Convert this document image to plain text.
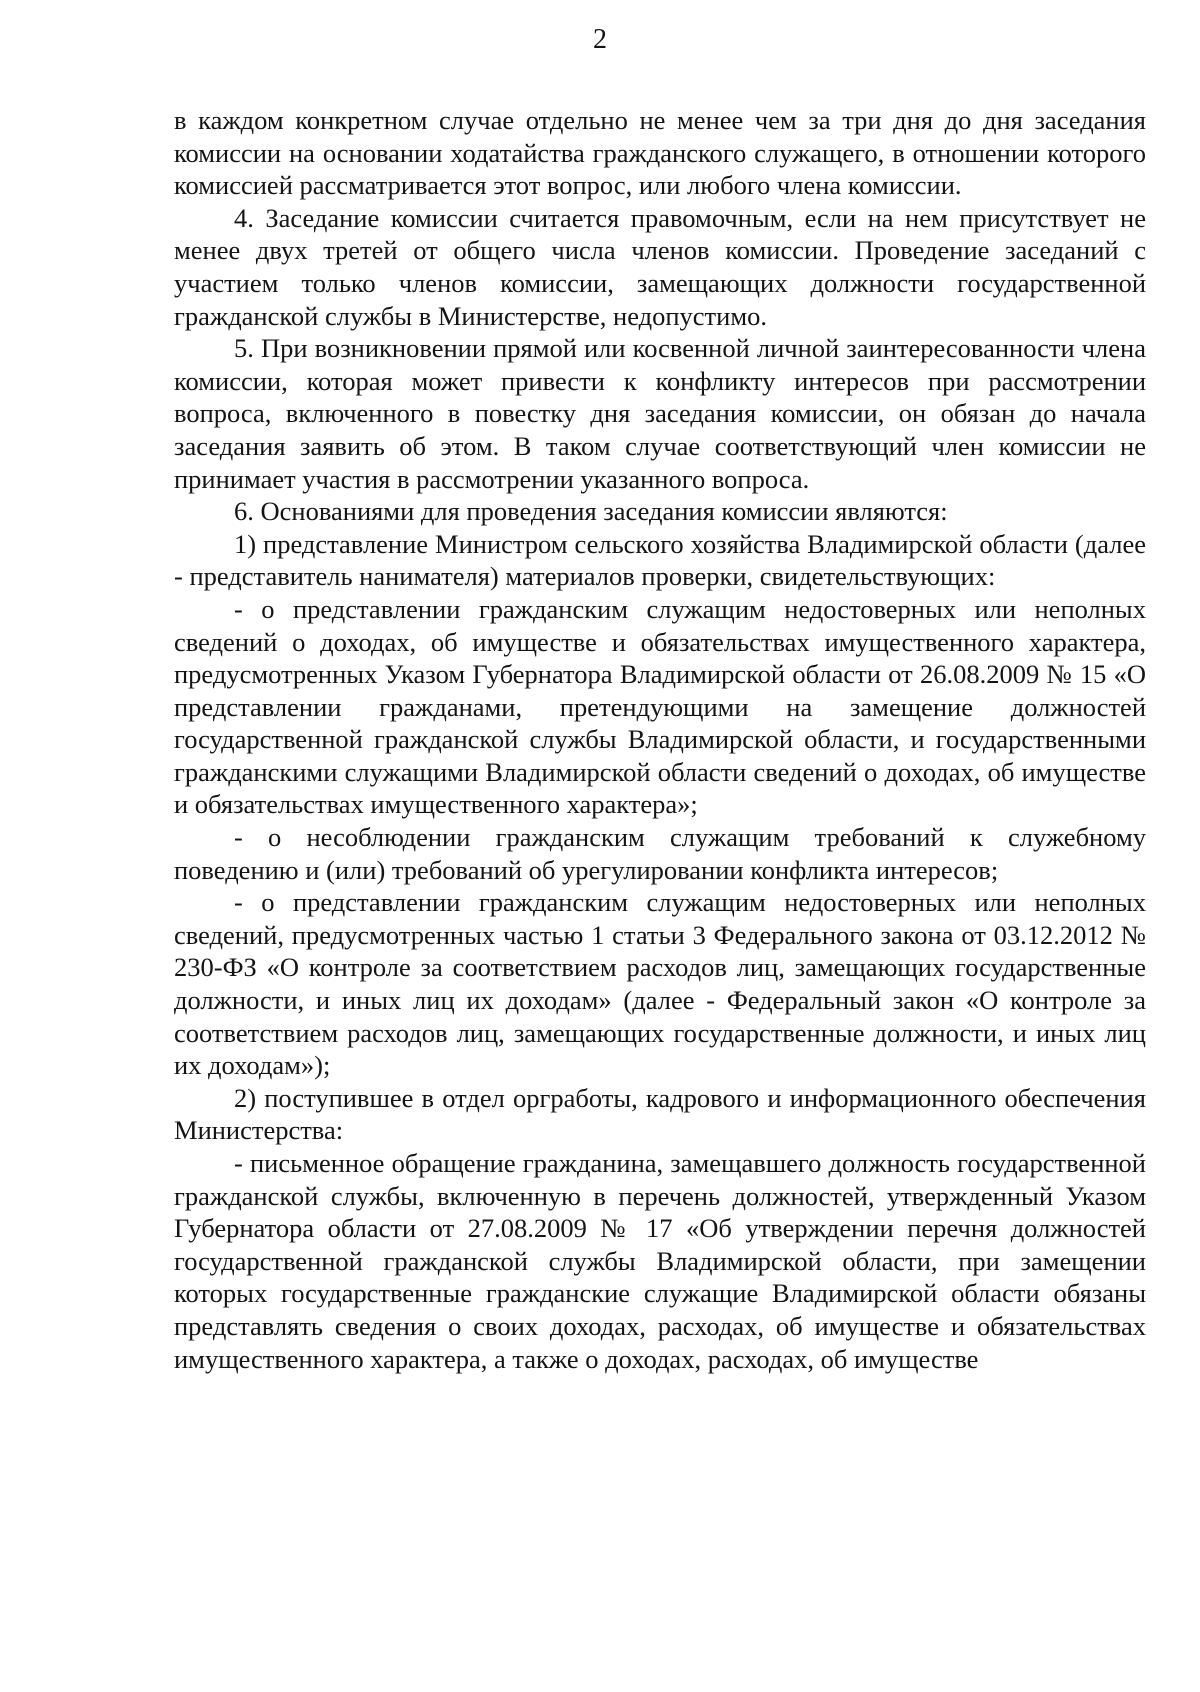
2

в каждом конкретном случае отдельно не менее чем за три дня до дня заседания комиссии на основании ходатайства гражданского служащего, в отношении которого комиссией рассматривается этот вопрос, или любого члена комиссии.

4. Заседание комиссии считается правомочным, если на нем присутствует не менее двух третей от общего числа членов комиссии. Проведение заседаний с участием только членов комиссии, замещающих должности государственной гражданской службы в Министерстве, недопустимо.

5. При возникновении прямой или косвенной личной заинтересованности члена комиссии, которая может привести к конфликту интересов при рассмотрении вопроса, включенного в повестку дня заседания комиссии, он обязан до начала заседания заявить об этом. В таком случае соответствующий член комиссии не принимает участия в рассмотрении указанного вопроса.

6. Основаниями для проведения заседания комиссии являются:

1) представление Министром сельского хозяйства Владимирской области (далее - представитель нанимателя) материалов проверки, свидетельствующих:

- о представлении гражданским служащим недостоверных или неполных сведений о доходах, об имуществе и обязательствах имущественного характера, предусмотренных Указом Губернатора Владимирской области от 26.08.2009 № 15 «О представлении гражданами, претендующими на замещение должностей государственной гражданской службы Владимирской области, и государственными гражданскими служащими Владимирской области сведений о доходах, об имуществе и обязательствах имущественного характера»;

- о несоблюдении гражданским служащим требований к служебному поведению и (или) требований об урегулировании конфликта интересов;

- о представлении гражданским служащим недостоверных или неполных сведений, предусмотренных частью 1 статьи 3 Федерального закона от 03.12.2012 № 230-ФЗ «О контроле за соответствием расходов лиц, замещающих государственные должности, и иных лиц их доходам» (далее - Федеральный закон «О контроле за соответствием расходов лиц, замещающих государственные должности, и иных лиц их доходам»);

2) поступившее в отдел оргработы, кадрового и информационного обеспечения Министерства:

- письменное обращение гражданина, замещавшего должность государственной гражданской службы, включенную в перечень должностей, утвержденный Указом Губернатора области от 27.08.2009 № 17 «Об утверждении перечня должностей государственной гражданской службы Владимирской области, при замещении которых государственные гражданские служащие Владимирской области обязаны представлять сведения о своих доходах, расходах, об имуществе и обязательствах имущественного характера, а также о доходах, расходах, об имуществе
